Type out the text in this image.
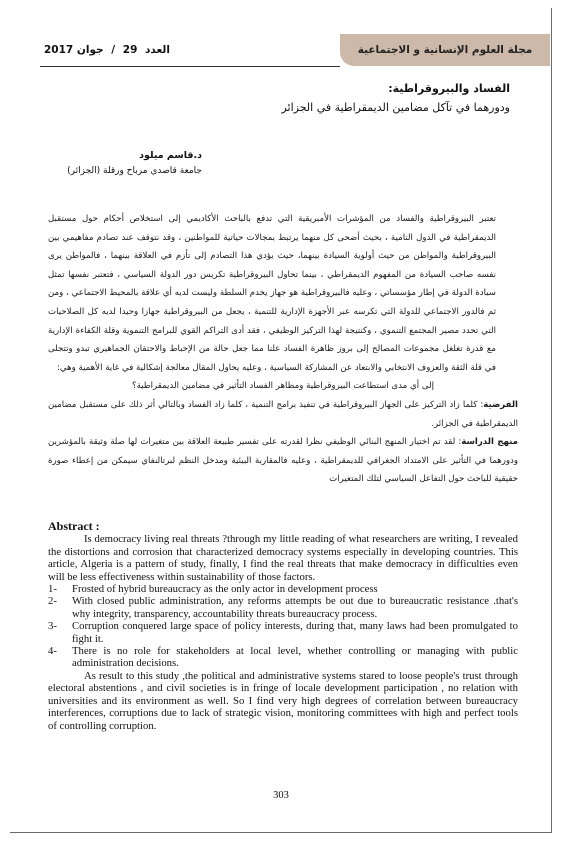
العدد 29 / جوان 2017	مجلة العلوم الإنسانية و الاجتماعية
الفساد والبيروقراطية:
ودورهما في تآكل مضامين الديمقراطية في الجزائر
د.قاسم ميلود
جامعة قاصدي مرباح ورقلة (الجزائر)

تعتبر البيروقراطية والفساد من المؤشرات الأمبريقية التي تدفع بالباحث الأكاديمي إلى استخلاص أحكام حول مستقبل الديمقراطية في الدول النامية ، بحيث أضحى كل منهما يرتبط بمجالات حياتية للمواطنين ، وقد نتوقف عند تصادم مفاهيمي بين البيروقراطية والمواطن من حيث أولوية السيادة بينهما، حيث يؤدي هذا التصادم إلى تأزم في العلاقة بينهما ، فالمواطن يرى نفسه صاحب السيادة من المفهوم الديمقراطي ، بينما تحاول البيروقراطية تكريس دور الدولة السياسي ، فتعتبر نفسها تمثل سيادة الدولة في إطار مؤسساتي ، وعليه فالبيروقراطية هو جهاز يخدم السلطة وليست لديه أي علاقة بالمحيط الاجتماعي ، ومن ثم فالدور الاجتماعي للدولة التي تكرسه عبر الأجهزة الإدارية للتنمية ، يجعل من البيروقراطية جهازا وحيدا لديه كل الصلاحيات التي تحدد مصير المجتمع التنموي ، وكنتيجة لهذا التركيز الوظيفي ، فقد أدى التراكم القوي للبرامج التنموية وقلة الكفاءة الإدارية مع قدرة تغلغل مجموعات المصالح إلى بروز ظاهرة الفساد علنا مما جعل حالة من الإحباط والاحتقان الجماهيري تبدو وتتجلى في قلة الثقة والعزوف الانتخابي والابتعاد عن المشاركة السياسية ، وعليه يحاول المقال معالجة إشكالية في غاية الأهمية وهي:

إلى أي مدى استطاعت البيروقراطية ومظاهر الفساد التأثير في مضامين الديمقراطية؟

الفرضية: كلما زاد التركيز على الجهاز البيروقراطية في تنفيذ برامج التنمية ، كلما زاد الفساد وبالتالي أثر ذلك على مستقبل مضامين الديمقراطية في الجزائر.

منهج الدراسة: لقد تم اختيار المنهج البنائي الوظيفي نظرا لقدرته على تفسير طبيعة العلاقة بين متغيرات لها صلة وثيقة بالمؤشرين ودورهما في التأثير على الامتداد الجغرافي للديمقراطية ، وعليه فالمقاربة البيئية ومدخل النظم لبرتالنفاي سيمكن من إعطاء صورة حقيقية للباحث حول التفاعل السياسي لتلك المتغيرات

Abstract :

Is democracy living real threats ?through my little reading of what researchers are writing, I revealed the distortions and corrosion that characterized democracy systems especially in developing countries. This article, Algeria is a pattern of study, finally, I find the real threats that make democracy in difficulties even will be less effectiveness within sustainability of those factors.

1-	Frosted of hybrid bureaucracy as the only actor in development process
2-	With closed public administration, any reforms attempts be out due to bureaucratic resistance .that's why integrity, transparency, accountability threats bureaucracy process.
3-	Corruption conquered large space of policy interests, during that, many laws had been promulgated to fight it.
4-	There is no role for stakeholders at local level, whether controlling or managing with public administration decisions.

As result to this study ,the political and administrative systems stared to loose people's trust through electoral abstentions , and civil societies is in fringe of locale development participation , no relation with universities and its environment as well. So I find very high degrees of correlation between bureaucracy interferences, corruptions due to lack of strategic vision, monitoring committees with high and perfect tools of controlling corruption.

303
